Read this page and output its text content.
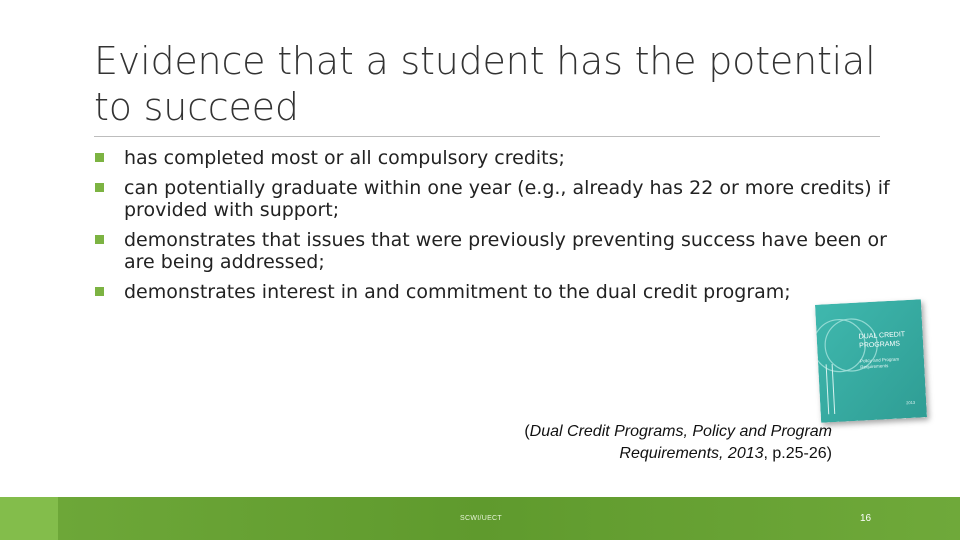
Evidence that a student has the potential to succeed
has completed most or all compulsory credits;
can potentially graduate within one year (e.g., already has 22 or more credits) if provided with support;
demonstrates that issues that were previously preventing success have been or are being addressed;
demonstrates interest in and commitment to the dual credit program;
DUAL CREDIT
PROGRAMS
Policy and Program
Requirements
2013
(Dual Credit Programs, Policy and Program
Requirements, 2013, p.25-26)
SCWI/UECT	16
